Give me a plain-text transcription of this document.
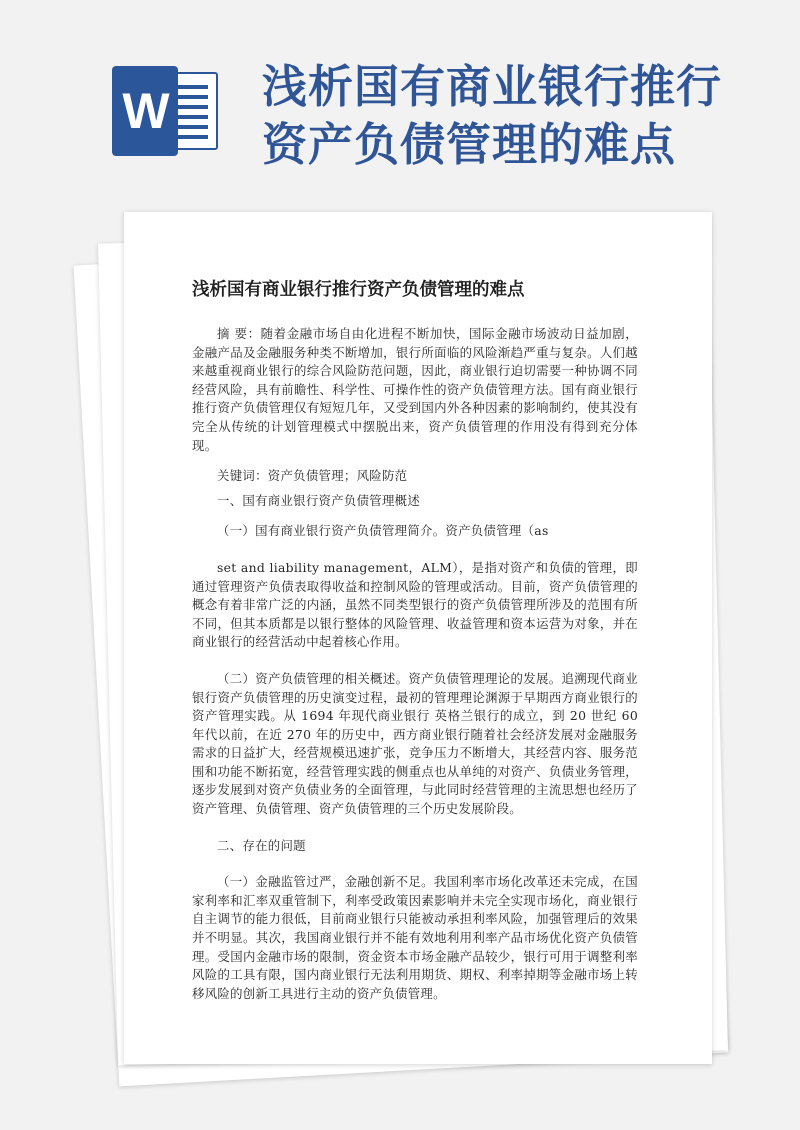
W 浅析国有商业银行推行
资产负债管理的难点
浅析国有商业银行推行资产负债管理的难点

摘 要：随着金融市场自由化进程不断加快，国际金融市场波动日益加剧，金融产品及金融服务种类不断增加，银行所面临的风险渐趋严重与复杂。人们越来越重视商业银行的综合风险防范问题，因此，商业银行迫切需要一种协调不同经营风险，具有前瞻性、科学性、可操作性的资产负债管理方法。国有商业银行推行资产负债管理仅有短短几年，又受到国内外各种因素的影响制约，使其没有完全从传统的计划管理模式中摆脱出来，资产负债管理的作用没有得到充分体现。

关键词：资产负债管理；风险防范

一、国有商业银行资产负债管理概述

（一）国有商业银行资产负债管理简介。资产负债管理（as

set and liability management，ALM），是指对资产和负债的管理，即通过管理资产负债表取得收益和控制风险的管理或活动。目前，资产负债管理的概念有着非常广泛的内涵，虽然不同类型银行的资产负债管理所涉及的范围有所不同，但其本质都是以银行整体的风险管理、收益管理和资本运营为对象，并在商业银行的经营活动中起着核心作用。

（二）资产负债管理的相关概述。资产负债管理理论的发展。追溯现代商业银行资产负债管理的历史演变过程，最初的管理理论渊源于早期西方商业银行的资产管理实践。从 1694 年现代商业银行 英格兰银行的成立，到 20 世纪 60 年代以前，在近 270 年的历史中，西方商业银行随着社会经济发展对金融服务需求的日益扩大，经营规模迅速扩张，竞争压力不断增大，其经营内容、服务范围和功能不断拓宽，经营管理实践的侧重点也从单纯的对资产、负债业务管理，逐步发展到对资产负债业务的全面管理，与此同时经营管理的主流思想也经历了资产管理、负债管理、资产负债管理的三个历史发展阶段。

二、存在的问题

（一）金融监管过严，金融创新不足。我国利率市场化改革还未完成，在国家利率和汇率双重管制下，利率受政策因素影响并未完全实现市场化，商业银行自主调节的能力很低，目前商业银行只能被动承担利率风险，加强管理后的效果并不明显。其次，我国商业银行并不能有效地利用利率产品市场优化资产负债管理。受国内金融市场的限制，资金资本市场金融产品较少，银行可用于调整利率风险的工具有限，国内商业银行无法利用期货、期权、利率掉期等金融市场上转移风险的创新工具进行主动的资产负债管理。
